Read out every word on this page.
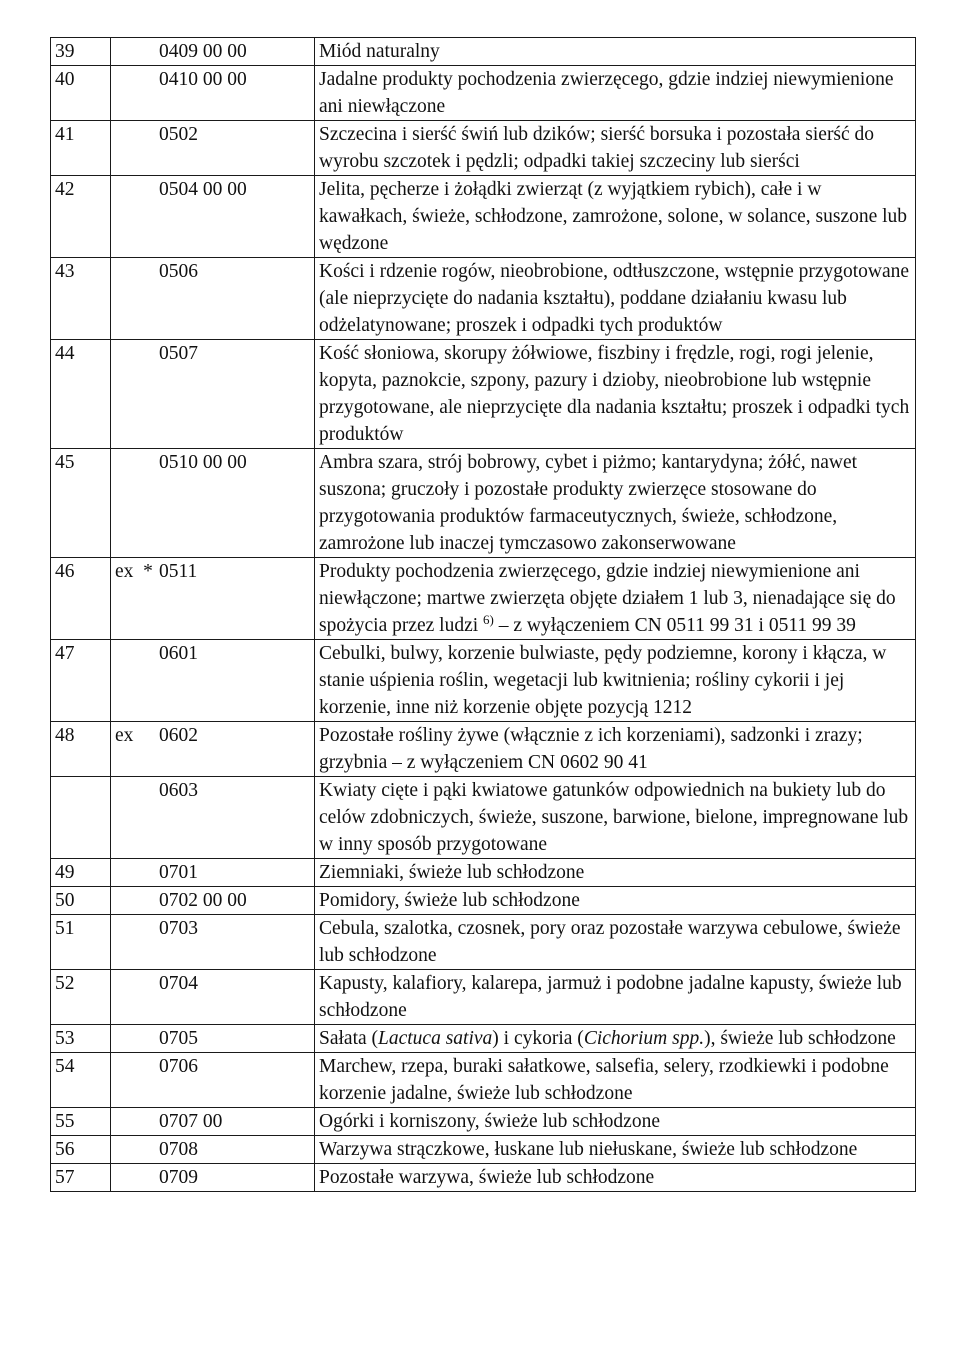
39	0409 00 00	Miód naturalny
40	0410 00 00	Jadalne produkty pochodzenia zwierzęcego, gdzie indziej niewymienione ani niewłączone
41	0502	Szczecina i sierść świń lub dzików; sierść borsuka i pozostała sierść do wyrobu szczotek i pędzli; odpadki takiej szczeciny lub sierści
42	0504 00 00	Jelita, pęcherze i żołądki zwierząt (z wyjątkiem rybich), całe i w kawałkach, świeże, schłodzone, zamrożone, solone, w solance, suszone lub wędzone
43	0506	Kości i rdzenie rogów, nieobrobione, odtłuszczone, wstępnie przygotowane (ale nieprzycięte do nadania kształtu), poddane działaniu kwasu lub odżelatynowane; proszek i odpadki tych produktów
44	0507	Kość słoniowa, skorupy żółwiowe, fiszbiny i frędzle, rogi, rogi jelenie, kopyta, paznokcie, szpony, pazury i dzioby, nieobrobione lub wstępnie przygotowane, ale nieprzycięte dla nadania kształtu; proszek i odpadki tych produktów
45	0510 00 00	Ambra szara, strój bobrowy, cybet i piżmo; kantarydyna; żółć, nawet suszona; gruczoły i pozostałe produkty zwierzęce stosowane do przygotowania produktów farmaceutycznych, świeże, schłodzone, zamrożone lub inaczej tymczasowo zakonserwowane
46	ex * 0511	Produkty pochodzenia zwierzęcego, gdzie indziej niewymienione ani niewłączone; martwe zwierzęta objęte działem 1 lub 3, nienadające się do spożycia przez ludzi $^{6)}$ – z wyłączeniem CN 0511 99 31 i 0511 99 39
47	0601	Cebulki, bulwy, korzenie bulwiaste, pędy podziemne, korony i kłącza, w stanie uśpienia roślin, wegetacji lub kwitnienia; rośliny cykorii i jej korzenie, inne niż korzenie objęte pozycją 1212
48	ex 0602	Pozostałe rośliny żywe (włącznie z ich korzeniami), sadzonki i zrazy; grzybnia – z wyłączeniem CN 0602 90 41
	0603	Kwiaty cięte i pąki kwiatowe gatunków odpowiednich na bukiety lub do celów zdobniczych, świeże, suszone, barwione, bielone, impregnowane lub w inny sposób przygotowane
49	0701	Ziemniaki, świeże lub schłodzone
50	0702 00 00	Pomidory, świeże lub schłodzone
51	0703	Cebula, szalotka, czosnek, pory oraz pozostałe warzywa cebulowe, świeże lub schłodzone
52	0704	Kapusty, kalafiory, kalarepa, jarmuż i podobne jadalne kapusty, świeże lub schłodzone
53	0705	Sałata (Lactuca sativa) i cykoria (Cichorium spp.), świeże lub schłodzone
54	0706	Marchew, rzepa, buraki sałatkowe, salsefia, selery, rzodkiewki i podobne korzenie jadalne, świeże lub schłodzone
55	0707 00	Ogórki i korniszony, świeże lub schłodzone
56	0708	Warzywa strączkowe, łuskane lub niełuskane, świeże lub schłodzone
57	0709	Pozostałe warzywa, świeże lub schłodzone
